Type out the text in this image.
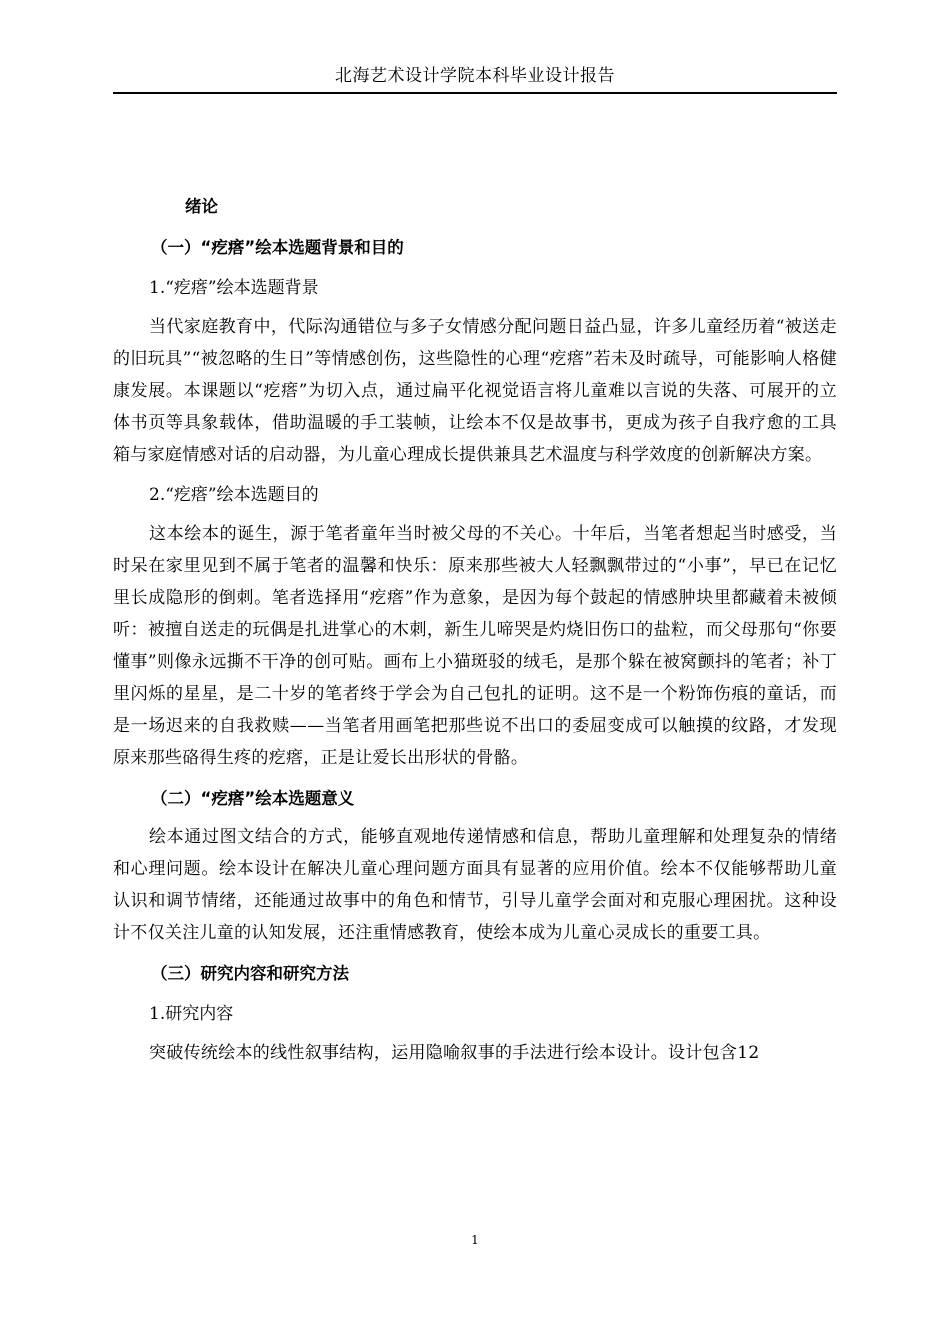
北海艺术设计学院本科毕业设计报告

绪论

（一）“疙瘩”绘本选题背景和目的

1.“疙瘩”绘本选题背景

当代家庭教育中，代际沟通错位与多子女情感分配问题日益凸显，许多儿童经历着“被送走的旧玩具”“被忽略的生日”等情感创伤，这些隐性的心理“疙瘩”若未及时疏导，可能影响人格健康发展。本课题以“疙瘩”为切入点，通过扁平化视觉语言将儿童难以言说的失落、可展开的立体书页等具象载体，借助温暖的手工装帧，让绘本不仅是故事书，更成为孩子自我疗愈的工具箱与家庭情感对话的启动器，为儿童心理成长提供兼具艺术温度与科学效度的创新解决方案。

2.“疙瘩”绘本选题目的

这本绘本的诞生，源于笔者童年当时被父母的不关心。十年后，当笔者想起当时感受，当时呆在家里见到不属于笔者的温馨和快乐：原来那些被大人轻飘飘带过的“小事”，早已在记忆里长成隐形的倒刺。笔者选择用“疙瘩”作为意象，是因为每个鼓起的情感肿块里都藏着未被倾听：被擅自送走的玩偶是扎进掌心的木刺，新生儿啼哭是灼烧旧伤口的盐粒，而父母那句“你要懂事”则像永远撕不干净的创可贴。画布上小猫斑驳的绒毛，是那个躲在被窝颤抖的笔者；补丁里闪烁的星星，是二十岁的笔者终于学会为自己包扎的证明。这不是一个粉饰伤痕的童话，而是一场迟来的自我救赎——当笔者用画笔把那些说不出口的委屈变成可以触摸的纹路，才发现原来那些硌得生疼的疙瘩，正是让爱长出形状的骨骼。

（二）“疙瘩”绘本选题意义

绘本通过图文结合的方式，能够直观地传递情感和信息，帮助儿童理解和处理复杂的情绪和心理问题。绘本设计在解决儿童心理问题方面具有显著的应用价值。绘本不仅能够帮助儿童认识和调节情绪，还能通过故事中的角色和情节，引导儿童学会面对和克服心理困扰。这种设计不仅关注儿童的认知发展，还注重情感教育，使绘本成为儿童心灵成长的重要工具。

（三）研究内容和研究方法

1.研究内容

突破传统绘本的线性叙事结构，运用隐喻叙事的手法进行绘本设计。设计包含12

1
